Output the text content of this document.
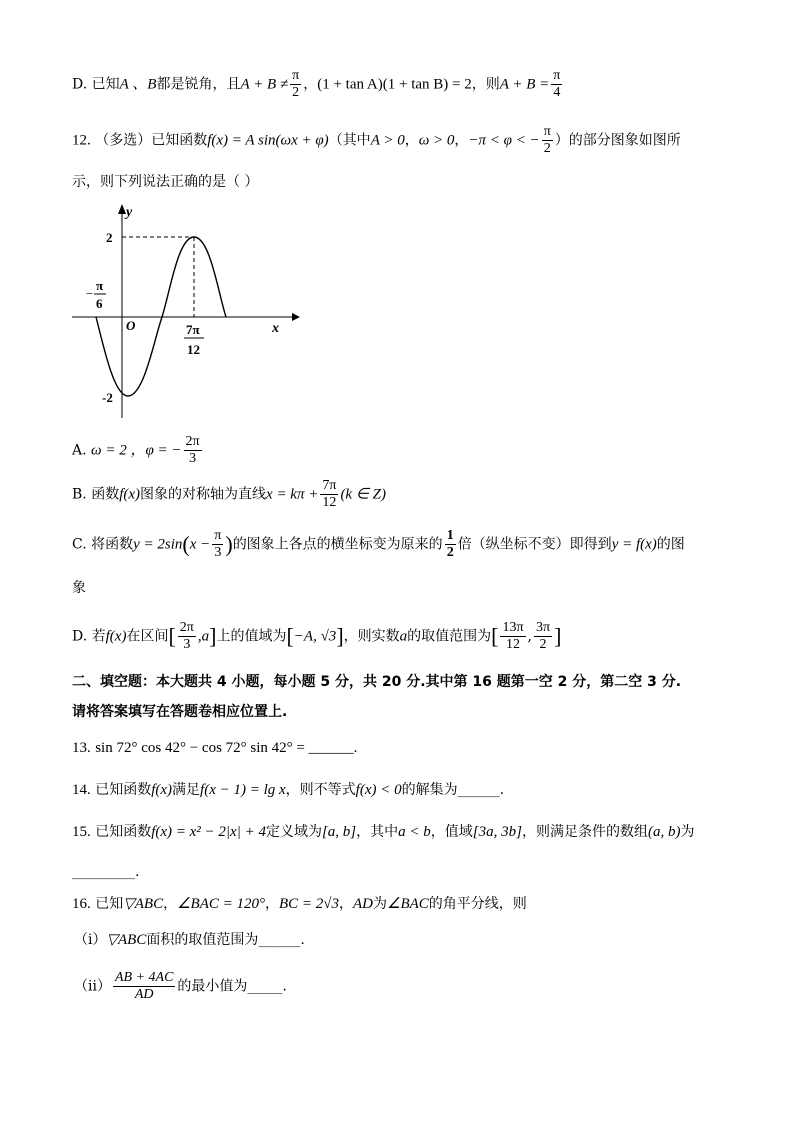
D. 已知A 、B都是锐角，且$A + B \ne \frac{\pi}{2}$ ，(1 + tan A)(1 + tan B) = 2，则$A + B = \frac{\pi}{4}$
12. （多选）已知函数f(x) = A sin(ωx + φ)（其中A > 0，ω > 0，−π < φ < − $\frac{\pi}{2}$ ）的部分图象如图所
示，则下列说法正确的是（ ）
y
x
O
2
-2
−
π
6
7π
12
A. ω = 2 ，φ = − $\frac{2\pi}{3}$
B. 函数f(x)图象的对称轴为直线$x = k\pi + \frac{7\pi}{12} (k$ ∈ Z)
C. 将函数$y = 2\sin(x - \frac{\pi}{3}$ )的图象上各点的横坐标变为原来的 $\frac{1}{2}$ 倍（纵坐标不变）即得到y = f(x)的图
象
D. 若f(x)在区间[ $\frac{2\pi}{3} ,a$]上的值域为[−A, √3]，则实数a的取值范围为[ $\frac{13\pi}{12}$ , $\frac{3\pi}{2}$ ]
二、填空题：本大题共 4 小题，每小题 5 分，共 20 分.其中第 16 题第一空 2 分，第二空 3 分.
请将答案填写在答题卷相应位置上.
13. sin 72° cos 42° − cos 72° sin 42° = ______.
14. 已知函数f(x)满足f(x − 1) = lg x，则不等式f(x) < 0的解集为______.
15. 已知函数f(x) = x² − 2|x| + 4定义域为[a, b]，其中a < b，值域[3a, 3b]，则满足条件的数组(a, b)为
_________.
16. 已知▽ABC，∠BAC = 120°，BC = 2√3，AD为∠BAC的角平分线，则
（i）▽ABC面积的取值范围为______.
$(ii) \frac{AB + 4AC}{AD}$ 的最小值为_____.
